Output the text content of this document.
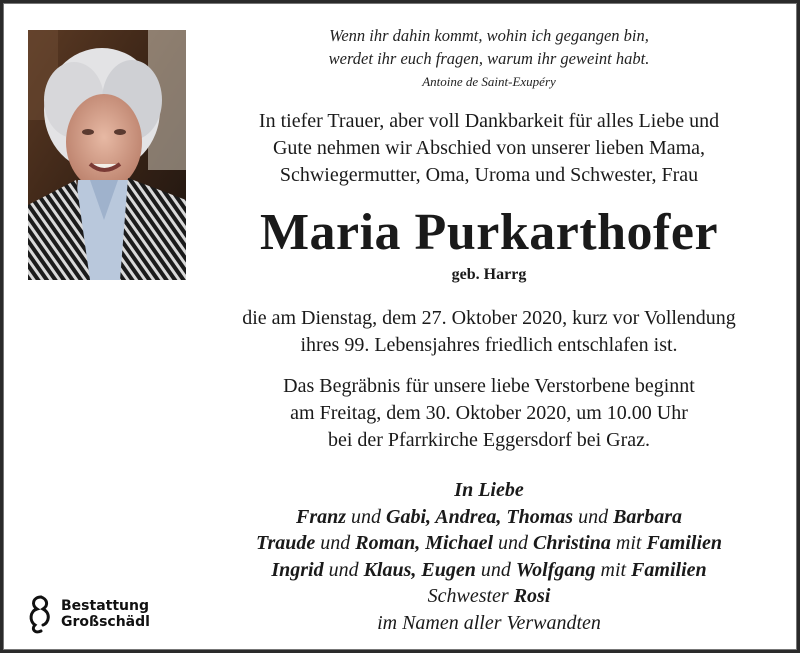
Wenn ihr dahin kommt, wohin ich gegangen bin,
werdet ihr euch fragen, warum ihr geweint habt.
Antoine de Saint-Exupéry
In tiefer Trauer, aber voll Dankbarkeit für alles Liebe und
Gute nehmen wir Abschied von unserer lieben Mama,
Schwiegermutter, Oma, Uroma und Schwester, Frau
Maria Purkarthofer
geb. Harrg
die am Dienstag, dem 27. Oktober 2020, kurz vor Vollendung
ihres 99. Lebensjahres friedlich entschlafen ist.
Das Begräbnis für unsere liebe Verstorbene beginnt
am Freitag, dem 30. Oktober 2020, um 10.00 Uhr
bei der Pfarrkirche Eggersdorf bei Graz.
In Liebe
Franz und Gabi, Andrea, Thomas und Barbara
Traude und Roman, Michael und Christina mit Familien
Ingrid und Klaus, Eugen und Wolfgang mit Familien
Schwester Rosi
im Namen aller Verwandten
Bestattung
Großschädl
